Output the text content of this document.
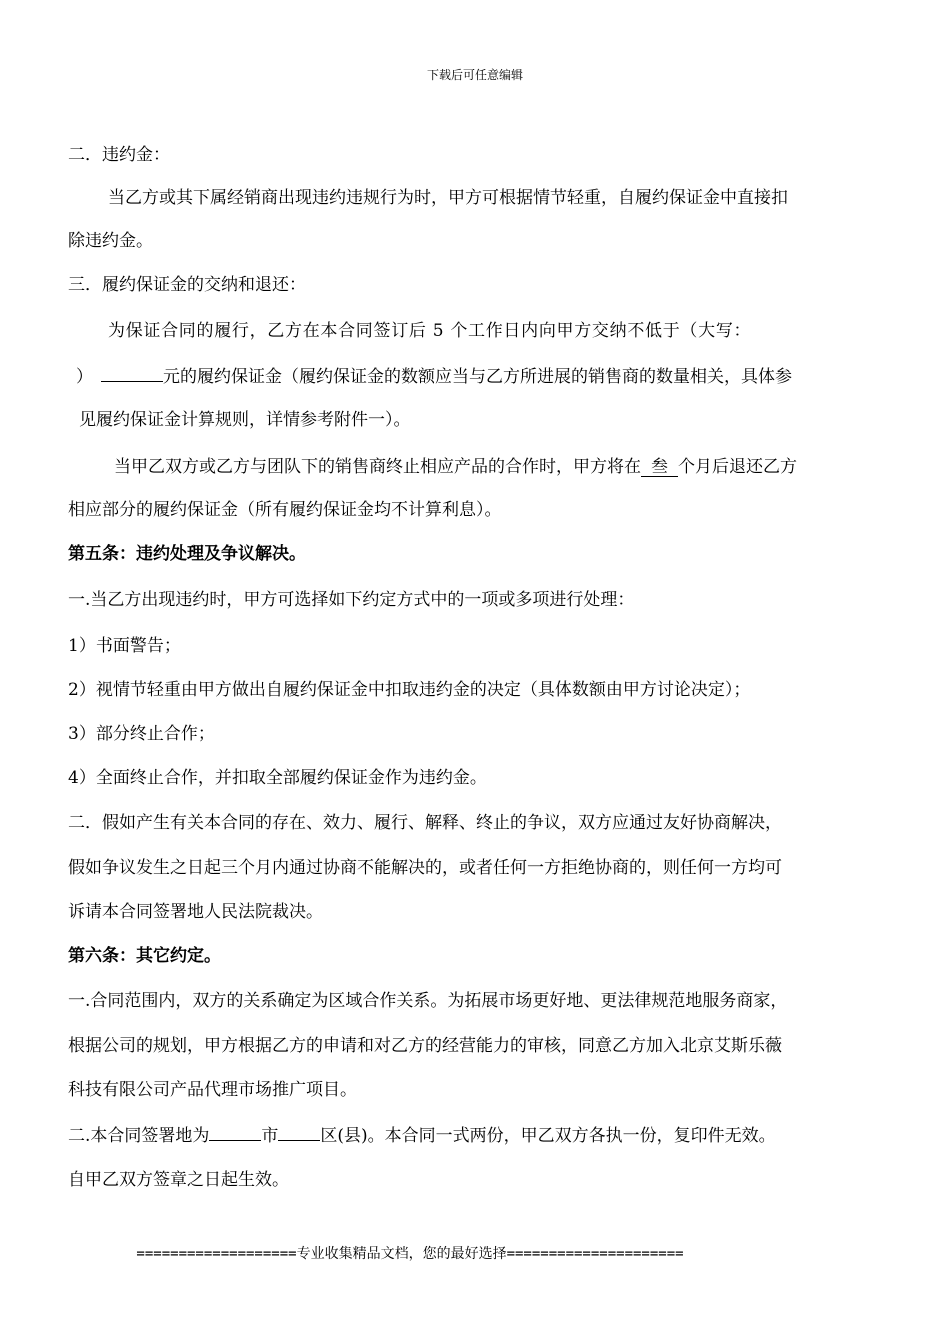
下载后可任意编辑
二．违约金：
当乙方或其下属经销商出现违约违规行为时，甲方可根据情节轻重，自履约保证金中直接扣
除违约金。
三．履约保证金的交纳和退还：
为保证合同的履行，乙方在本合同签订后 5 个工作日内向甲方交纳不低于（大写：
）	元的履约保证金（履约保证金的数额应当与乙方所进展的销售商的数量相关，具体参
见履约保证金计算规则，详情参考附件一）。
当甲乙双方或乙方与团队下的销售商终止相应产品的合作时，甲方将在 叁 个月后退还乙方
相应部分的履约保证金（所有履约保证金均不计算利息）。
第五条：违约处理及争议解决。
一.当乙方出现违约时，甲方可选择如下约定方式中的一项或多项进行处理：
1）书面警告；
2）视情节轻重由甲方做出自履约保证金中扣取违约金的决定（具体数额由甲方讨论决定）；
3）部分终止合作；
4）全面终止合作，并扣取全部履约保证金作为违约金。
二．假如产生有关本合同的存在、效力、履行、解释、终止的争议，双方应通过友好协商解决，
假如争议发生之日起三个月内通过协商不能解决的，或者任何一方拒绝协商的，则任何一方均可
诉请本合同签署地人民法院裁决。
第六条：其它约定。
一.合同范围内，双方的关系确定为区域合作关系。为拓展市场更好地、更法律规范地服务商家，
根据公司的规划，甲方根据乙方的申请和对乙方的经营能力的审核，同意乙方加入北京艾斯乐薇
科技有限公司产品代理市场推广项目。
二.本合同签署地为	市 区(县)。本合同一式两份，甲乙双方各执一份，复印件无效。
自甲乙双方签章之日起生效。
===================专业收集精品文档，您的最好选择=====================
